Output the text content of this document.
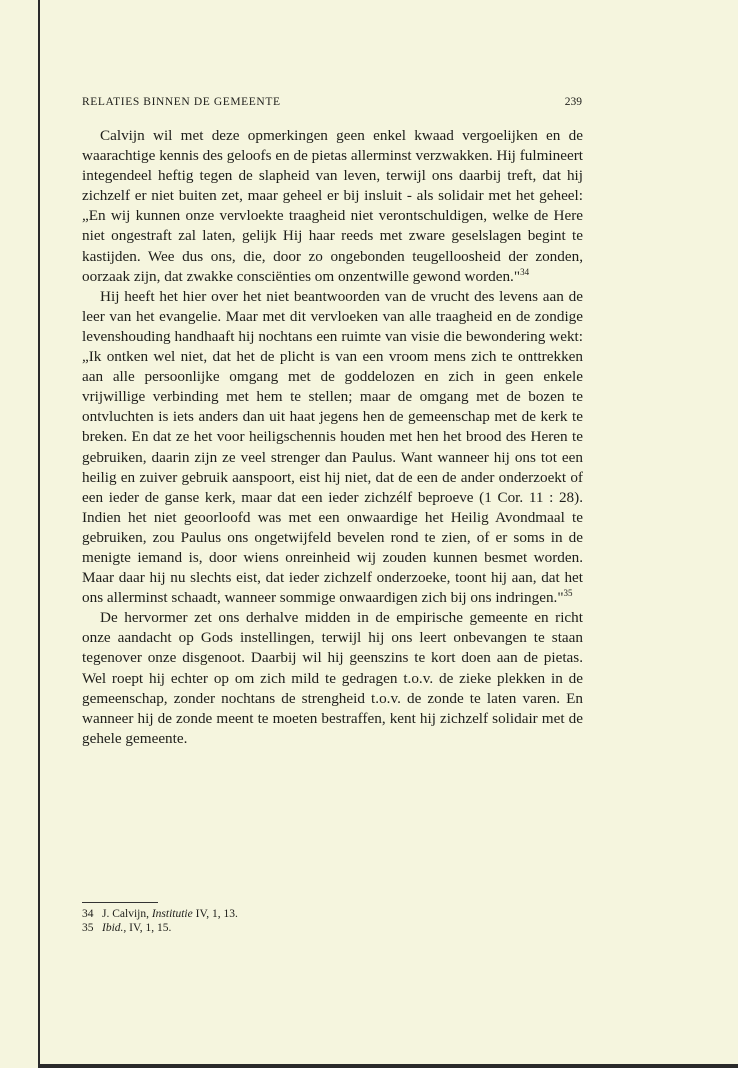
RELATIES BINNEN DE GEMEENTE	239

Calvijn wil met deze opmerkingen geen enkel kwaad vergoelijken en de waarachtige kennis des geloofs en de pietas allerminst verzwakken. Hij fulmineert integendeel heftig tegen de slapheid van leven, terwijl ons daarbij treft, dat hij zichzelf er niet buiten zet, maar geheel er bij insluit - als solidair met het geheel: „En wij kunnen onze vervloekte traagheid niet verontschuldigen, welke de Here niet ongestraft zal laten, gelijk Hij haar reeds met zware geselslagen begint te kastijden. Wee dus ons, die, door zo ongebonden teugelloosheid der zonden, oorzaak zijn, dat zwakke consciënties om onzentwille gewond worden."$^{34}$

Hij heeft het hier over het niet beantwoorden van de vrucht des levens aan de leer van het evangelie. Maar met dit vervloeken van alle traagheid en de zondige levenshouding handhaaft hij nochtans een ruimte van visie die bewondering wekt: „Ik ontken wel niet, dat het de plicht is van een vroom mens zich te onttrekken aan alle persoonlijke omgang met de goddelozen en zich in geen enkele vrijwillige verbinding met hem te stellen; maar de omgang met de bozen te ontvluchten is iets anders dan uit haat jegens hen de gemeenschap met de kerk te breken. En dat ze het voor heiligschennis houden met hen het brood des Heren te gebruiken, daarin zijn ze veel strenger dan Paulus. Want wanneer hij ons tot een heilig en zuiver gebruik aanspoort, eist hij niet, dat de een de ander onderzoekt of een ieder de ganse kerk, maar dat een ieder zichzélf beproeve (1 Cor. 11 : 28). Indien het niet geoorloofd was met een onwaardige het Heilig Avondmaal te gebruiken, zou Paulus ons ongetwijfeld bevelen rond te zien, of er soms in de menigte iemand is, door wiens onreinheid wij zouden kunnen besmet worden. Maar daar hij nu slechts eist, dat ieder zichzelf onderzoeke, toont hij aan, dat het ons allerminst schaadt, wanneer sommige onwaardigen zich bij ons indringen."$^{35}$

De hervormer zet ons derhalve midden in de empirische gemeente en richt onze aandacht op Gods instellingen, terwijl hij ons leert onbevangen te staan tegenover onze disgenoot. Daarbij wil hij geenszins te kort doen aan de pietas. Wel roept hij echter op om zich mild te gedragen t.o.v. de zieke plekken in de gemeenschap, zonder nochtans de strengheid t.o.v. de zonde te laten varen. En wanneer hij de zonde meent te moeten bestraffen, kent hij zichzelf solidair met de gehele gemeente.

34 J. Calvijn, Institutie IV, 1, 13.
35 Ibid., IV, 1, 15.
